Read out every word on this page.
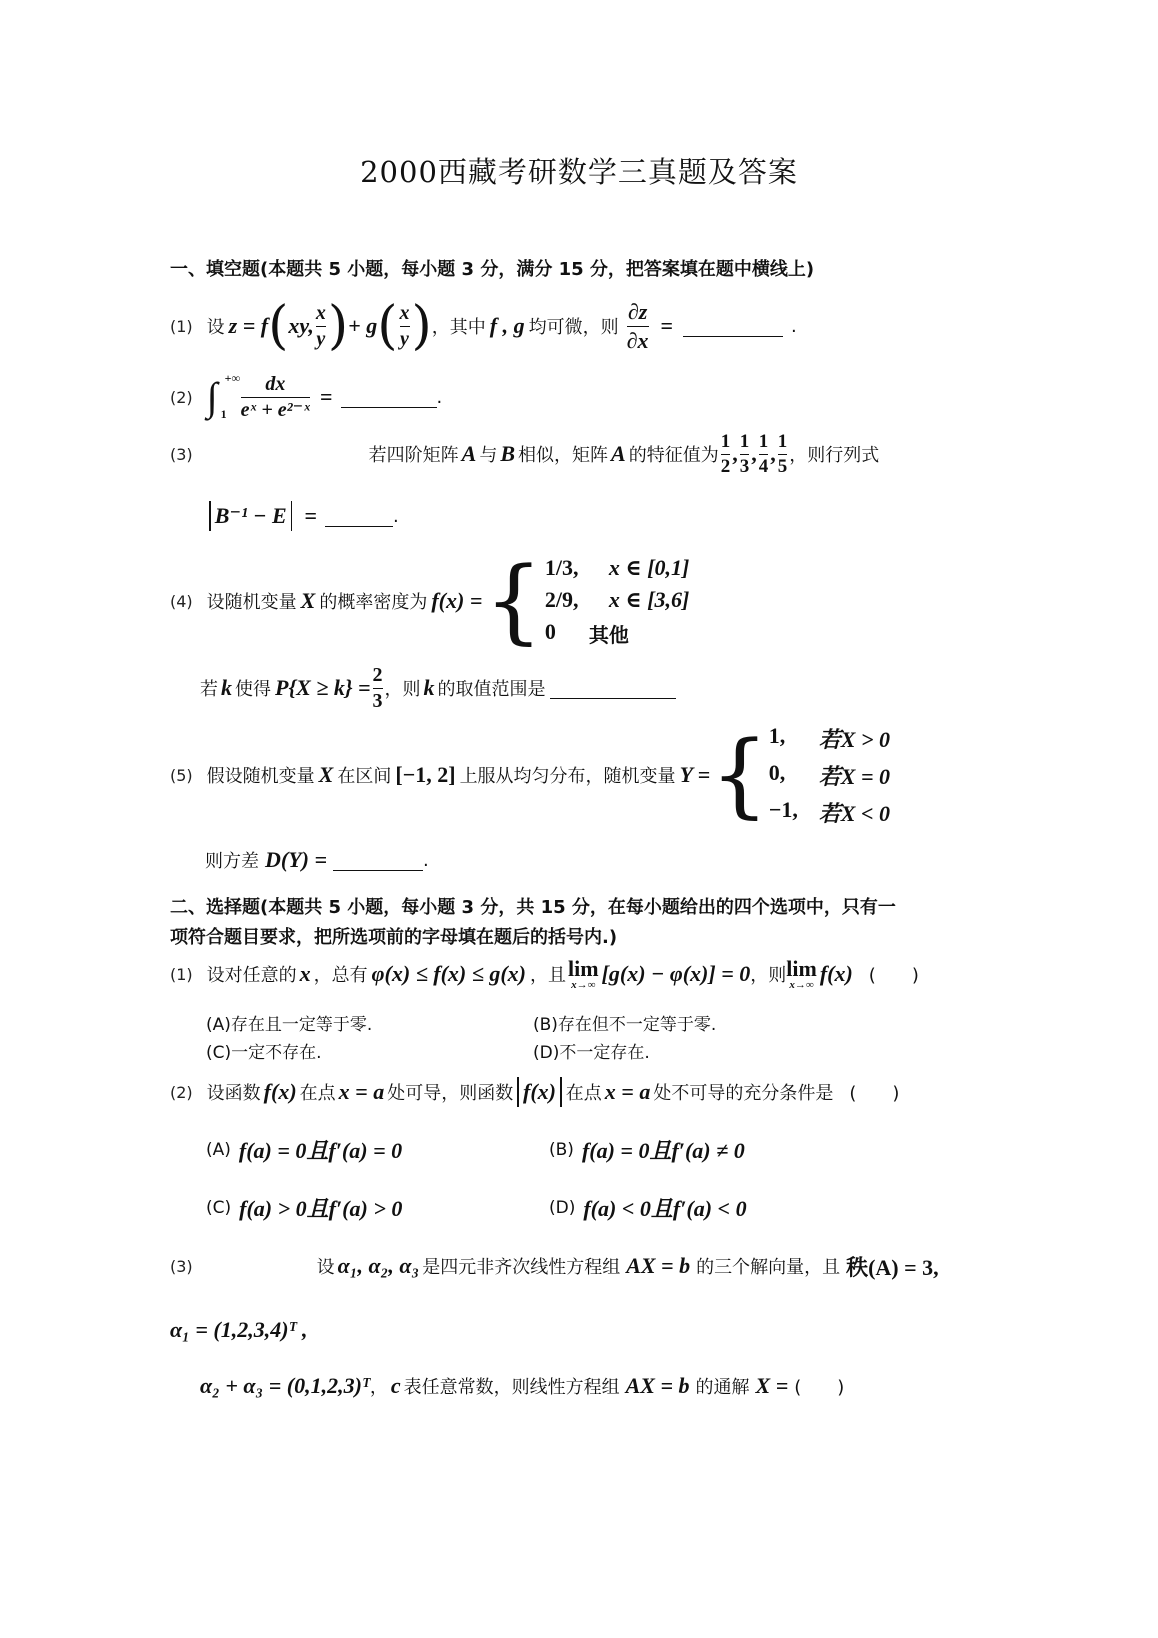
2000西藏考研数学三真题及答案
一、填空题(本题共 5 小题，每小题 3 分，满分 15 分，把答案填在题中横线上)
(1) 设 z = f ( xy, $\frac{x}{y}$ ) + g ( $\frac{x}{y}$ ) ，其中 f , g 均可微，则 $\frac{\partial z}{\partial x}$ =	.
(2) ∫ +∞
$1 \frac{dx}{\text{eˣ + e²⁻ˣ}}$ =	.
(3)	若四阶矩阵 A 与 B 相似，矩阵 A 的特征值为 $\frac{1}{2}$ , $\frac{1}{3}$ , $\frac{1}{4}$ , $\frac{1}{5}$ ，则行列式
B⁻¹ − E =	.
(4) 设随机变量 X 的概率密度为 f(x) = { 1/3,	x ∈ [0,1]
2/9,	x ∈ [3,6]
0	其他
若 k 使得 $P\{X \ge k\} = \frac{2}{3}$ ，则 k 的取值范围是
(5) 假设随机变量 X 在区间 [−1, 2] 上服从均匀分布，随机变量 Y = { 1,	若X > 0
0,	若X = 0
−1, 若X < 0
则方差 D(Y) =	.
二、选择题(本题共 5 小题，每小题 3 分，共 15 分，在每小题给出的四个选项中，只有一
项符合题目要求，把所选项前的字母填在题后的括号内.)
(1) 设对任意的 x ，总有 φ(x) ≤ f(x) ≤ g(x) ，且 lim
x→∞ [g(x) − φ(x)] = 0 ，则 lim
x→∞ f(x) (　　)
(A)存在且一定等于零.	(B)存在但不一定等于零.
(C)一定不存在.	(D)不一定存在.
(2) 设函数 f(x) 在点 x = a 处可导，则函数 f(x) 在点 x = a 处不可导的充分条件是 (　　)
(A) f(a) = 0且f′(a) = 0	(B) f(a) = 0且f′(a) ≠ 0
(C) f(a) > 0且f′(a) > 0	(D) f(a) < 0且f′(a) < 0
(3)	设 α₁, α₂, α₃ 是四元非齐次线性方程组 AX = b 的三个解向量，且 秩(A) = 3,
α₁ = (1,2,3,4)ᵀ ,
α₂ + α₃ = (0,1,2,3)ᵀ ， c 表任意常数，则线性方程组 AX = b 的通解 X = (　　)
